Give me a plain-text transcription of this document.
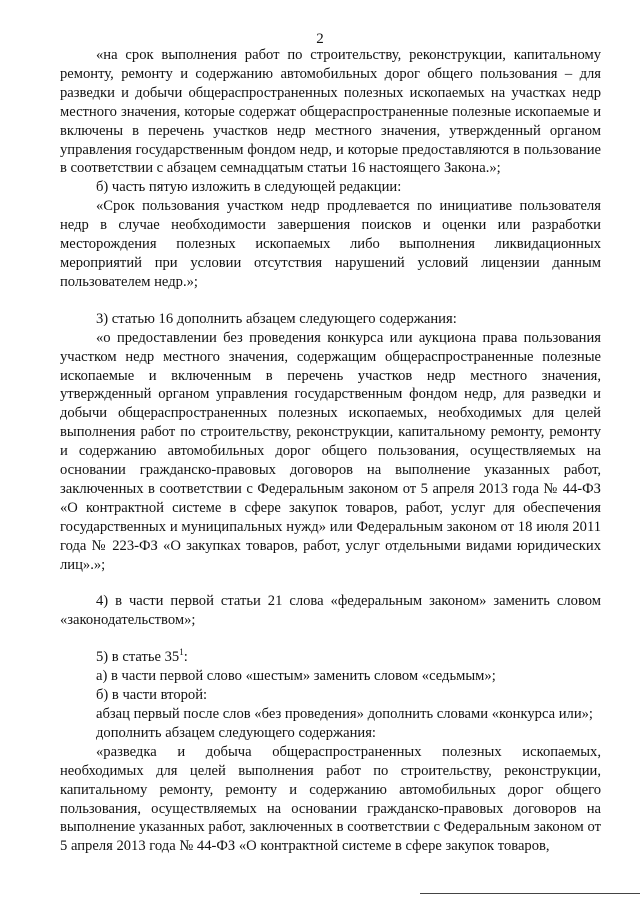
2

«на срок выполнения работ по строительству, реконструкции, капитальному ремонту, ремонту и содержанию автомобильных дорог общего пользования – для разведки и добычи общераспространенных полезных ископаемых на участках недр местного значения, которые содержат общераспространенные полезные ископаемые и включены в перечень участков недр местного значения, утвержденный органом управления государственным фондом недр, и которые предоставляются в пользование в соответствии с абзацем семнадцатым статьи 16 настоящего Закона.»;

б) часть пятую изложить в следующей редакции:

«Срок пользования участком недр продлевается по инициативе пользователя недр в случае необходимости завершения поисков и оценки или разработки месторождения полезных ископаемых либо выполнения ликвидационных мероприятий при условии отсутствия нарушений условий лицензии данным пользователем недр.»;

3) статью 16 дополнить абзацем следующего содержания:

«о предоставлении без проведения конкурса или аукциона права пользования участком недр местного значения, содержащим общераспространенные полезные ископаемые и включенным в перечень участков недр местного значения, утвержденный органом управления государственным фондом недр, для разведки и добычи общераспространенных полезных ископаемых, необходимых для целей выполнения работ по строительству, реконструкции, капитальному ремонту, ремонту и содержанию автомобильных дорог общего пользования, осуществляемых на основании гражданско-правовых договоров на выполнение указанных работ, заключенных в соответствии с Федеральным законом от 5 апреля 2013 года № 44-ФЗ «О контрактной системе в сфере закупок товаров, работ, услуг для обеспечения государственных и муниципальных нужд» или Федеральным законом от 18 июля 2011 года № 223-ФЗ «О закупках товаров, работ, услуг отдельными видами юридических лиц».»;

4) в части первой статьи 21 слова «федеральным законом» заменить словом «законодательством»;

5) в статье $35^1$:

а) в части первой слово «шестым» заменить словом «седьмым»;

б) в части второй:

абзац первый после слов «без проведения» дополнить словами «конкурса или»;

дополнить абзацем следующего содержания:

«разведка и добыча общераспространенных полезных ископаемых, необходимых для целей выполнения работ по строительству, реконструкции, капитальному ремонту, ремонту и содержанию автомобильных дорог общего пользования, осуществляемых на основании гражданско-правовых договоров на выполнение указанных работ, заключенных в соответствии с Федеральным законом от 5 апреля 2013 года № 44-ФЗ «О контрактной системе в сфере закупок товаров,
